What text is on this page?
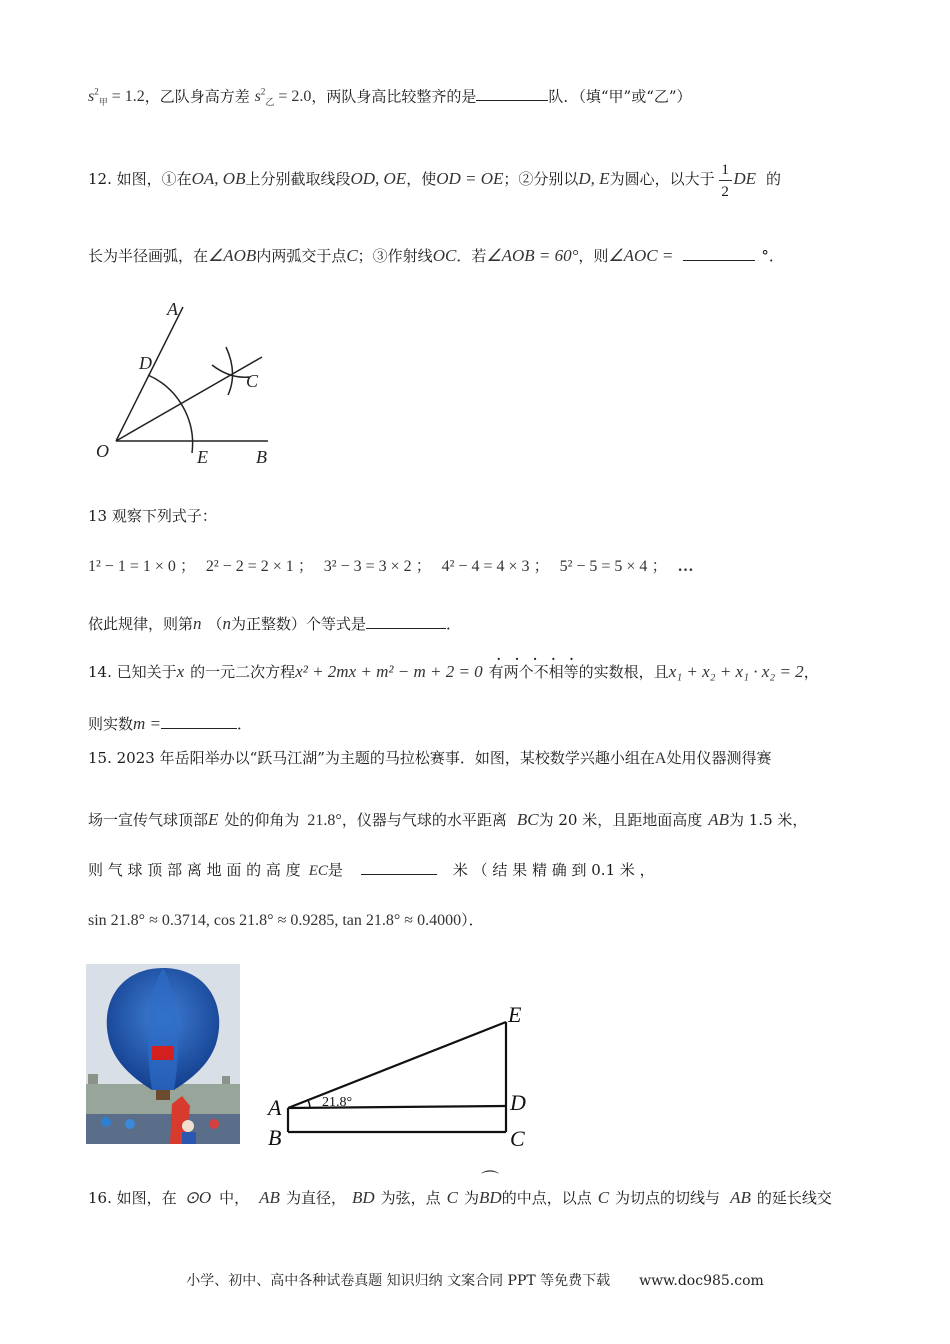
$s^2_甲 = 1.2$，乙队身高方差 $s^2_乙 = 2.0$，两队身高比较整齐的是	队．（填“甲”或“乙”）
12. 如图，①在OA, OB上分别截取线段OD, OE，使OD = OE；②分别以D, E为圆心，以大于 $\frac{1}{2}$ DE 的
长为半径画弧，在∠AOB内两弧交于点C；③作射线OC．若∠AOB = 60°，则∠AOC =	°．
A
D
C
O	E	B
13 观察下列式子：
1² − 1 = 1 × 0 ； 2² − 2 = 2 × 1 ； 3² − 3 = 3 × 2 ； 4² − 4 = 4 × 3 ； 5² − 5 = 5 × 4 ； …
依此规律，则第n （n为正整数）个等式是	．
14. 已知关于x 的一元二次方程x² + 2mx + m² − m + 2 = 0
·····
有两个不相等的实数根，且x₁ + x₂ + x₁ · x₂ = 2，
则实数m =	．
15. 2023 年岳阳举办以“跃马江湖”为主题的马拉松赛事．如图，某校数学兴趣小组在A处用仪器测得赛
场一宣传气球顶部E 处的仰角为 21.8°，仪器与气球的水平距离 BC为 20 米，且距地面高度 AB为 1.5 米，
则 气 球 顶 部 离 地 面 的 高 度 EC是	米 （ 结 果 精 确 到 0.1 米 ，
sin 21.8° ≈ 0.3714, cos 21.8° ≈ 0.9285, tan 21.8° ≈ 0.4000）．
E
A	D
B	C
21.8°
16. 如图，在 ⊙O 中， AB 为直径， BD 为弦，点 C 为
⌒
BD的中点，以点 C 为切点的切线与 AB 的延长线交
小学、初中、高中各种试卷真题 知识归纳 文案合同 PPT 等免费下载 www.doc985.com
